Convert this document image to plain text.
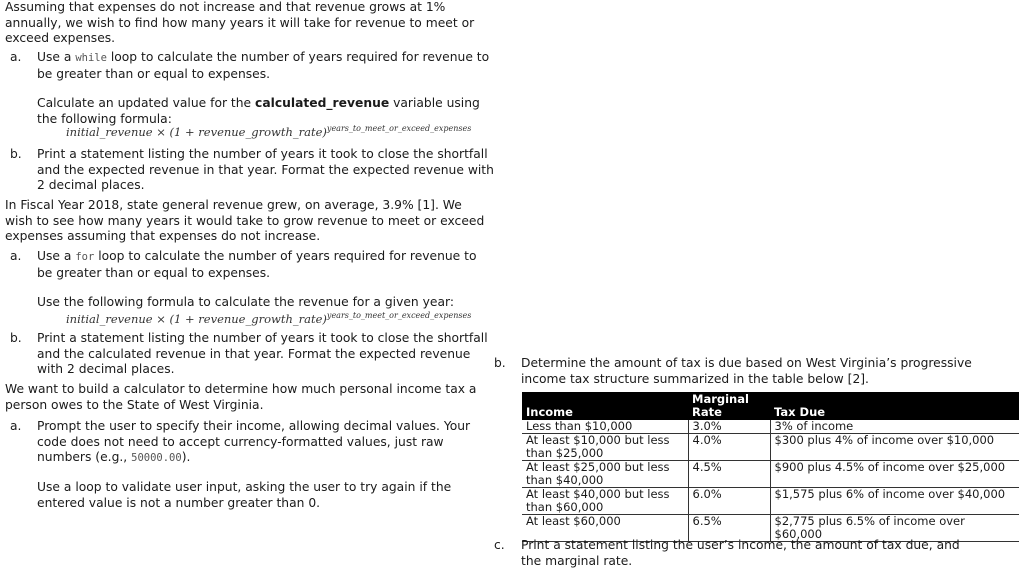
Assuming that expenses do not increase and that revenue grows at 1% annually, we wish to find how many years it will take for revenue to meet or exceed expenses.
a.	Use a while loop to calculate the number of years required for revenue to be greater than or equal to expenses.
Calculate an updated value for the calculated_revenue variable using the following formula:
initial_revenue × (1 + revenue_growth_rate)$^{years\_to\_meet\_or\_exceed\_expenses}$
b.	Print a statement listing the number of years it took to close the shortfall and the expected revenue in that year. Format the expected revenue with 2 decimal places.
In Fiscal Year 2018, state general revenue grew, on average, 3.9% [1]. We wish to see how many years it would take to grow revenue to meet or exceed expenses assuming that expenses do not increase.
a.	Use a for loop to calculate the number of years required for revenue to be greater than or equal to expenses.
Use the following formula to calculate the revenue for a given year:
initial_revenue × (1 + revenue_growth_rate)$^{years\_to\_meet\_or\_exceed\_expenses}$
b.	Print a statement listing the number of years it took to close the shortfall and the calculated revenue in that year. Format the expected revenue with 2 decimal places.
We want to build a calculator to determine how much personal income tax a person owes to the State of West Virginia.
a.	Prompt the user to specify their income, allowing decimal values. Your code does not need to accept currency-formatted values, just raw numbers (e.g., 50000.00).
Use a loop to validate user input, asking the user to try again if the entered value is not a number greater than 0.
b.	Determine the amount of tax is due based on West Virginia’s progressive income tax structure summarized in the table below [2].
Income	Marginal Rate	Tax Due
Less than $10,000	3.0%	3% of income
At least $10,000 but less than $25,000	4.0%	$300 plus 4% of income over $10,000
At least $25,000 but less than $40,000	4.5%	$900 plus 4.5% of income over $25,000
At least $40,000 but less than $60,000	6.0%	$1,575 plus 6% of income over $40,000
At least $60,000	6.5%	$2,775 plus 6.5% of income over $60,000
c.	Print a statement listing the user’s income, the amount of tax due, and the marginal rate.
